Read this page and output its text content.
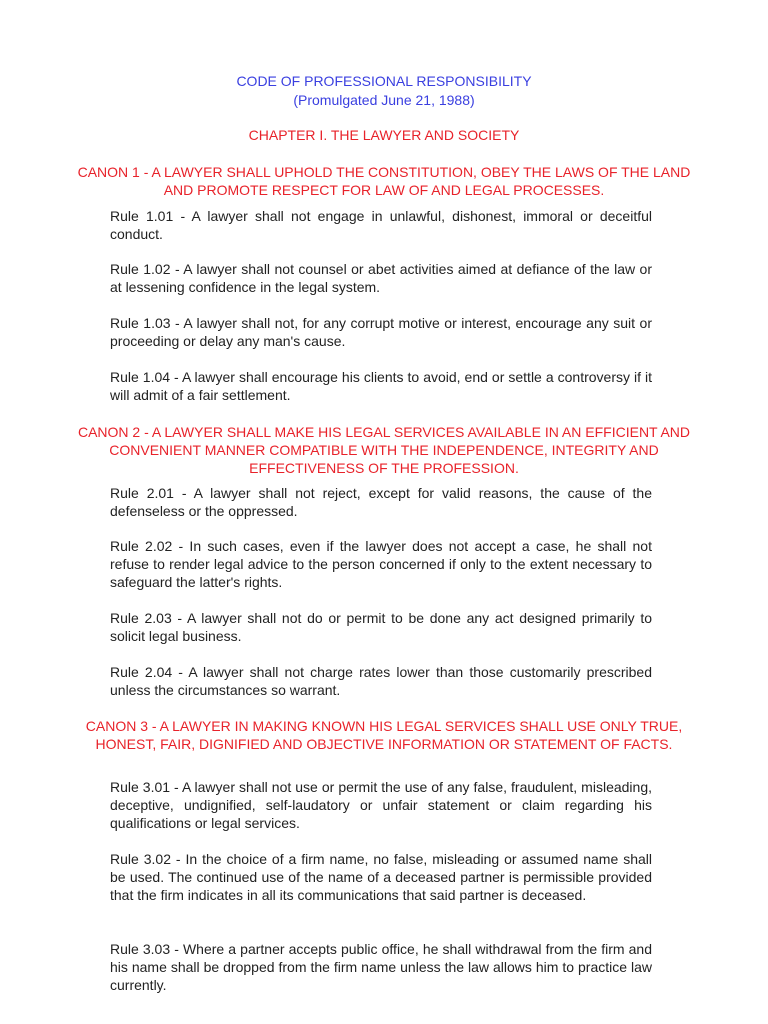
CODE OF PROFESSIONAL RESPONSIBILITY
(Promulgated June 21, 1988)
CHAPTER I. THE LAWYER AND SOCIETY
CANON 1 - A LAWYER SHALL UPHOLD THE CONSTITUTION, OBEY THE LAWS OF THE LAND AND PROMOTE RESPECT FOR LAW OF AND LEGAL PROCESSES.
Rule 1.01 - A lawyer shall not engage in unlawful, dishonest, immoral or deceitful conduct.
Rule 1.02 - A lawyer shall not counsel or abet activities aimed at defiance of the law or at lessening confidence in the legal system.
Rule 1.03 - A lawyer shall not, for any corrupt motive or interest, encourage any suit or proceeding or delay any man's cause.
Rule 1.04 - A lawyer shall encourage his clients to avoid, end or settle a controversy if it will admit of a fair settlement.
CANON 2 - A LAWYER SHALL MAKE HIS LEGAL SERVICES AVAILABLE IN AN EFFICIENT AND CONVENIENT MANNER COMPATIBLE WITH THE INDEPENDENCE, INTEGRITY AND EFFECTIVENESS OF THE PROFESSION.
Rule 2.01 - A lawyer shall not reject, except for valid reasons, the cause of the defenseless or the oppressed.
Rule 2.02 - In such cases, even if the lawyer does not accept a case, he shall not refuse to render legal advice to the person concerned if only to the extent necessary to safeguard the latter's rights.
Rule 2.03 - A lawyer shall not do or permit to be done any act designed primarily to solicit legal business.
Rule 2.04 - A lawyer shall not charge rates lower than those customarily prescribed unless the circumstances so warrant.
CANON 3 - A LAWYER IN MAKING KNOWN HIS LEGAL SERVICES SHALL USE ONLY TRUE, HONEST, FAIR, DIGNIFIED AND OBJECTIVE INFORMATION OR STATEMENT OF FACTS.
Rule 3.01 - A lawyer shall not use or permit the use of any false, fraudulent, misleading, deceptive, undignified, self-laudatory or unfair statement or claim regarding his qualifications or legal services.
Rule 3.02 - In the choice of a firm name, no false, misleading or assumed name shall be used. The continued use of the name of a deceased partner is permissible provided that the firm indicates in all its communications that said partner is deceased.
Rule 3.03 - Where a partner accepts public office, he shall withdrawal from the firm and his name shall be dropped from the firm name unless the law allows him to practice law currently.
